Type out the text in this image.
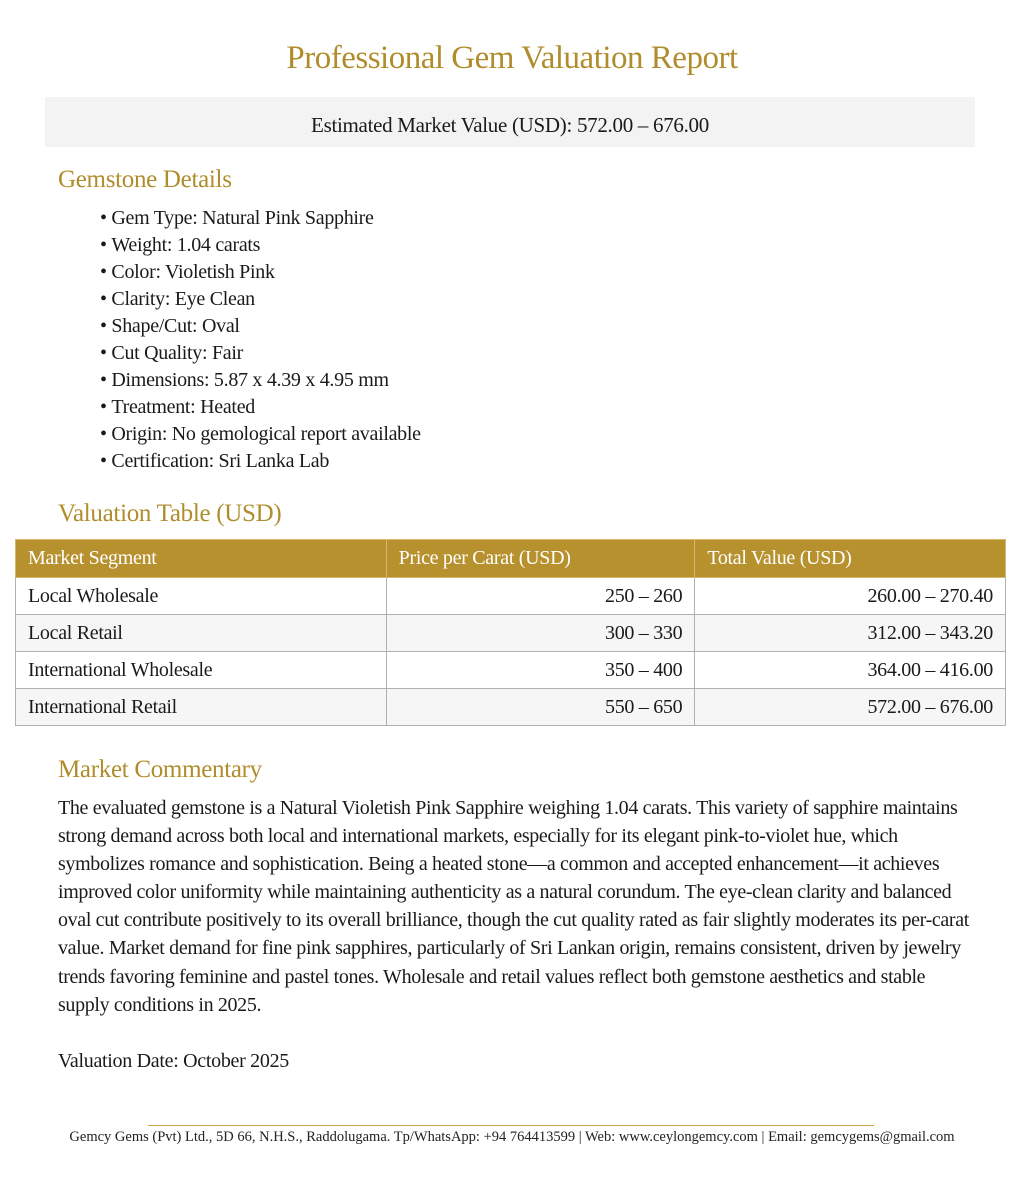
Professional Gem Valuation Report
Estimated Market Value (USD): 572.00 – 676.00
Gemstone Details
• Gem Type: Natural Pink Sapphire
• Weight: 1.04 carats
• Color: Violetish Pink
• Clarity: Eye Clean
• Shape/Cut: Oval
• Cut Quality: Fair
• Dimensions: 5.87 x 4.39 x 4.95 mm
• Treatment: Heated
• Origin: No gemological report available
• Certification: Sri Lanka Lab
Valuation Table (USD)
Market Segment	Price per Carat (USD)	Total Value (USD)
Local Wholesale	250 – 260	260.00 – 270.40
Local Retail	300 – 330	312.00 – 343.20
International Wholesale	350 – 400	364.00 – 416.00
International Retail	550 – 650	572.00 – 676.00
Market Commentary

The evaluated gemstone is a Natural Violetish Pink Sapphire weighing 1.04 carats. This variety of sapphire maintains strong demand across both local and international markets, especially for its elegant pink-to-violet hue, which symbolizes romance and sophistication. Being a heated stone—a common and accepted enhancement—it achieves improved color uniformity while maintaining authenticity as a natural corundum. The eye-clean clarity and balanced oval cut contribute positively to its overall brilliance, though the cut quality rated as fair slightly moderates its per-carat value. Market demand for fine pink sapphires, particularly of Sri Lankan origin, remains consistent, driven by jewelry trends favoring feminine and pastel tones. Wholesale and retail values reflect both gemstone aesthetics and stable supply conditions in 2025.

Valuation Date: October 2025
Gemcy Gems (Pvt) Ltd., 5D 66, N.H.S., Raddolugama. Tp/WhatsApp: +94 764413599 | Web: www.ceylongemcy.com | Email: gemcygems@gmail.com
